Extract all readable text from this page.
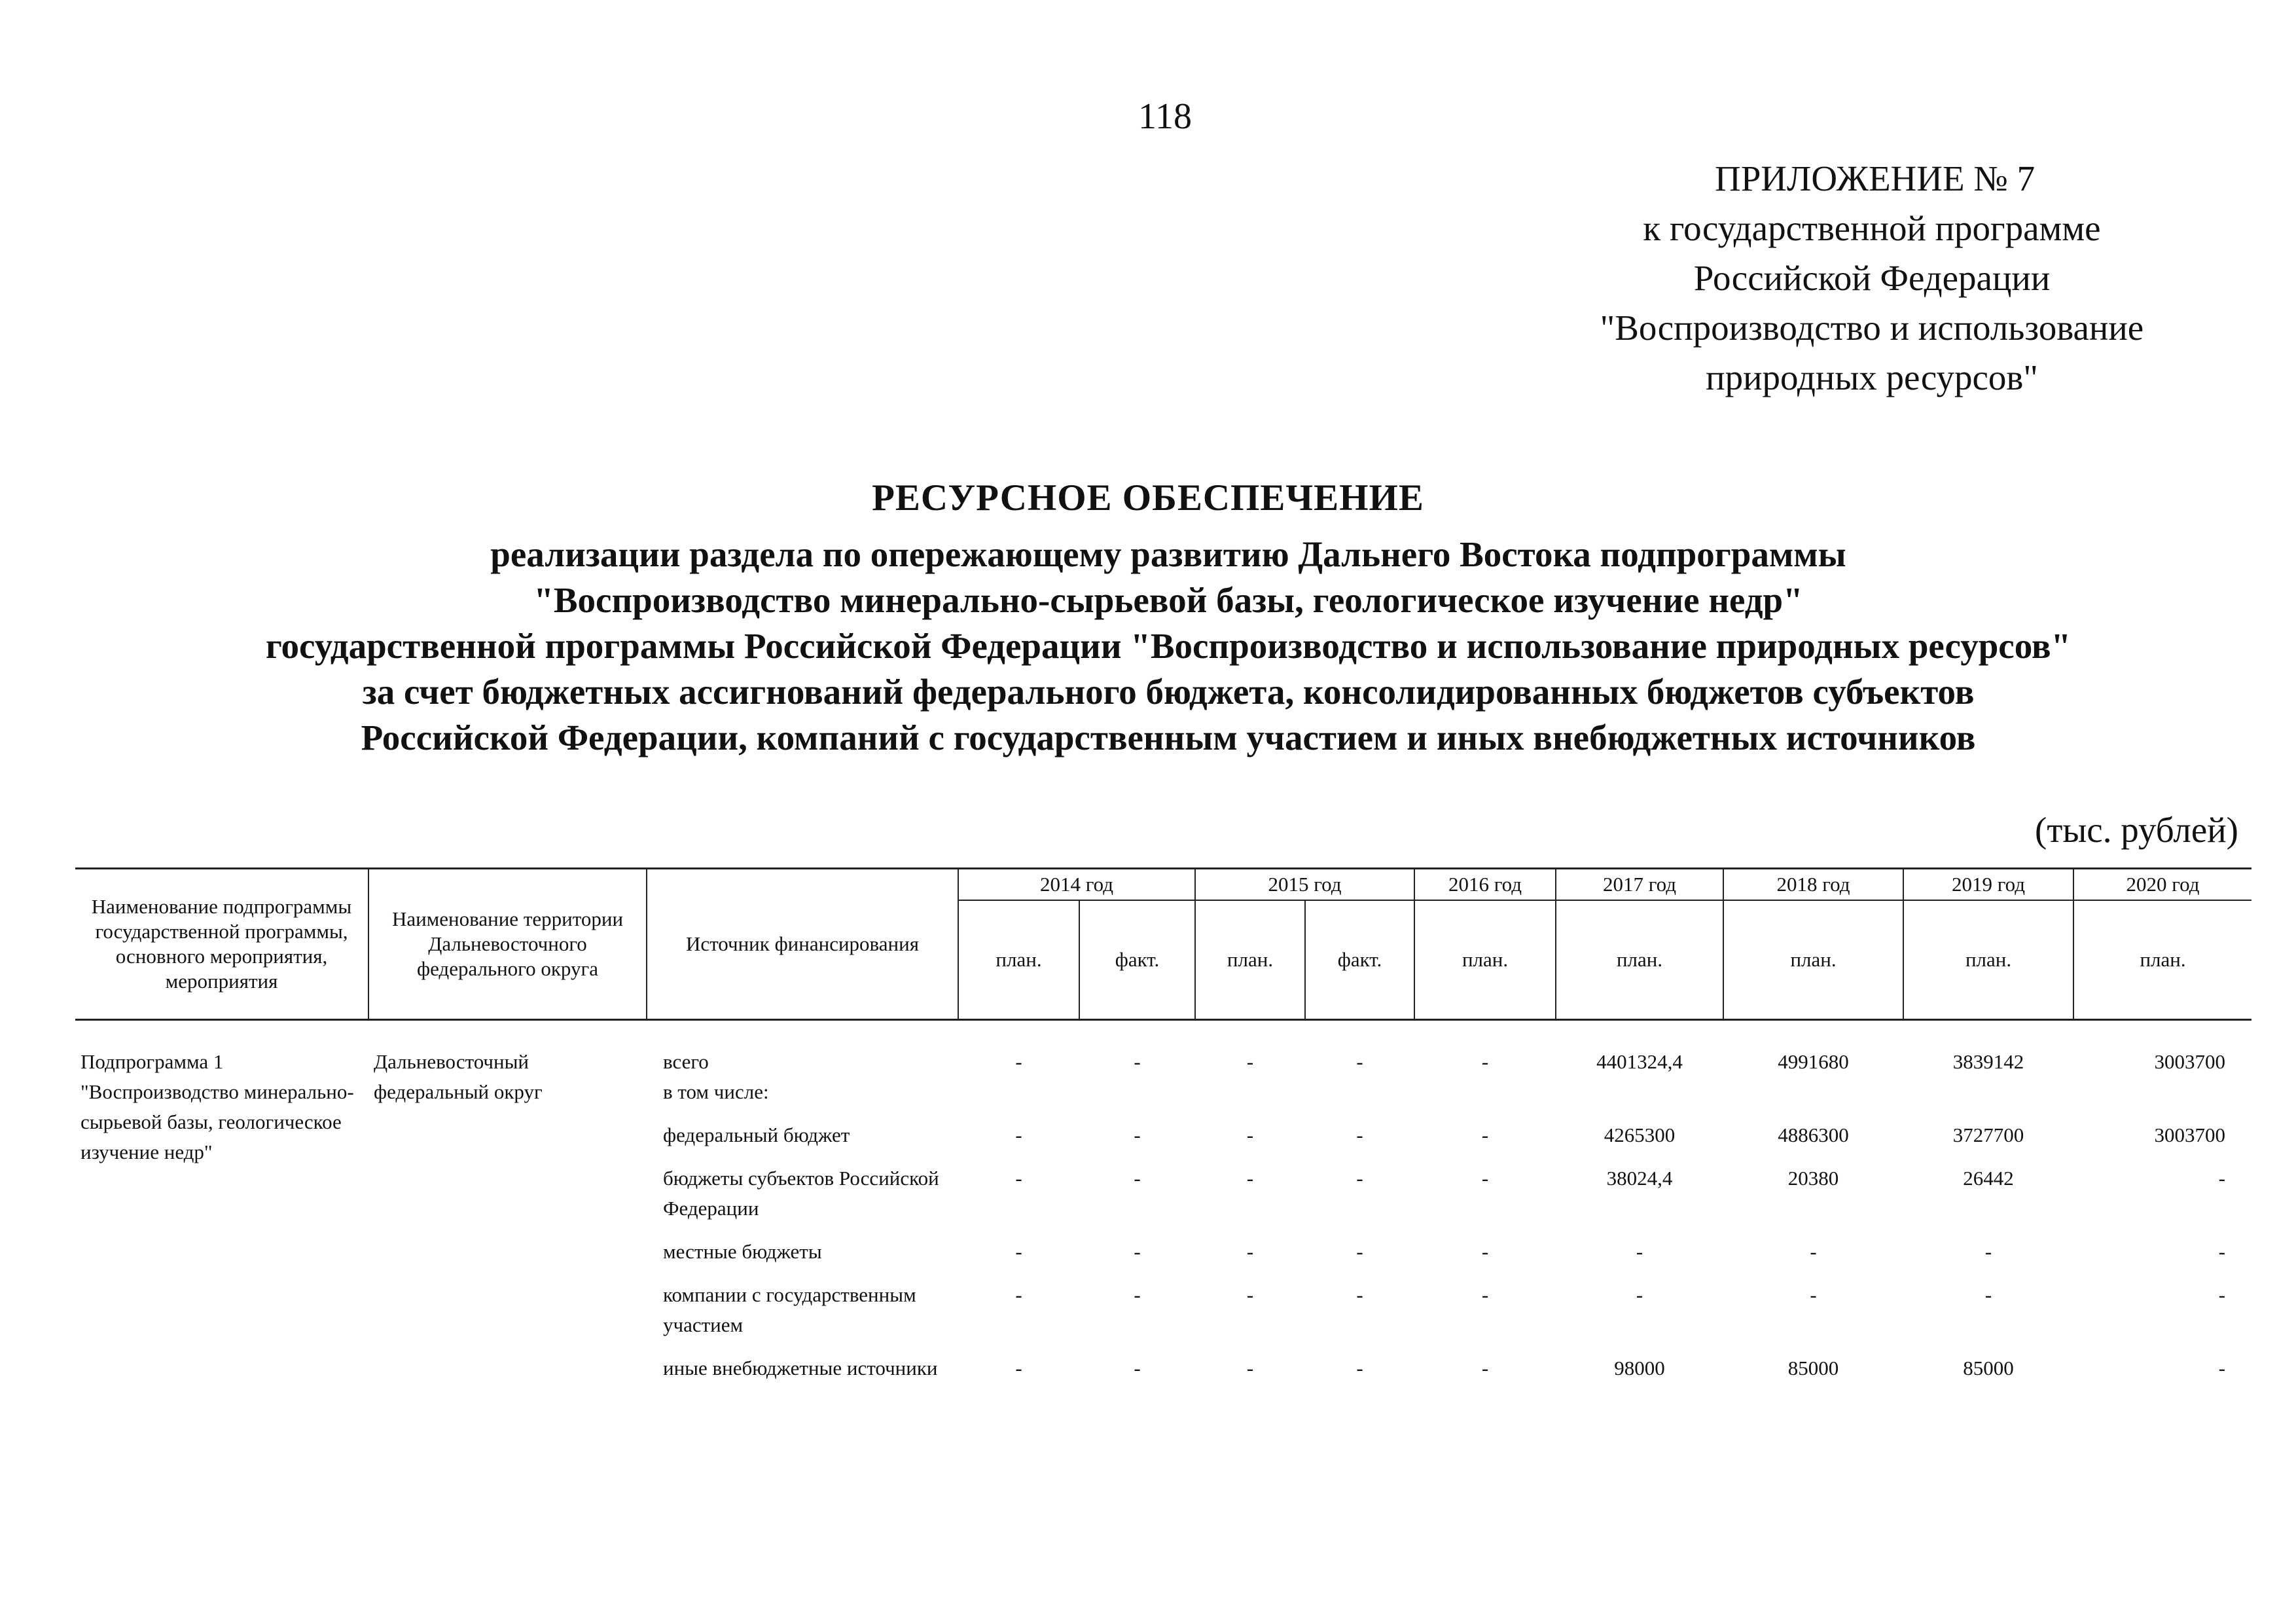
118
ПРИЛОЖЕНИЕ № 7
к государственной программе
Российской Федерации
"Воспроизводство и использование
природных ресурсов"
РЕСУРСНОЕ ОБЕСПЕЧЕНИЕ
реализации раздела по опережающему развитию Дальнего Востока подпрограммы
"Воспроизводство минерально-сырьевой базы, геологическое изучение недр"
государственной программы Российской Федерации "Воспроизводство и использование природных ресурсов"
за счет бюджетных ассигнований федерального бюджета, консолидированных бюджетов субъектов
Российской Федерации, компаний с государственным участием и иных внебюджетных источников
(тыс. рублей)
Наименование подпрограммы государственной программы, основного мероприятия, мероприятия	Наименование территории Дальневосточного федерального округа	Источник финансирования	2014 год		2015 год		2016 год	2017 год	2018 год	2019 год	2020 год
			план.	факт.	план.	факт.	план.	план.	план.	план.	план.

Подпрограмма 1 "Воспроизводство минерально-сырьевой базы, геологическое изучение недр"	Дальневосточный федеральный округ	всего	-	-	-	-	-	4401324,4	4991680	3839142	3003700
		в том числе:									
		федеральный бюджет	-	-	-	-	-	4265300	4886300	3727700	3003700
		бюджеты субъектов Российской Федерации	-	-	-	-	-	38024,4	20380	26442	-
		местные бюджеты	-	-	-	-	-	-	-	-	-
		компании с государственным участием	-	-	-	-	-	-	-	-	-
		иные внебюджетные источники	-	-	-	-	-	98000	85000	85000	-
